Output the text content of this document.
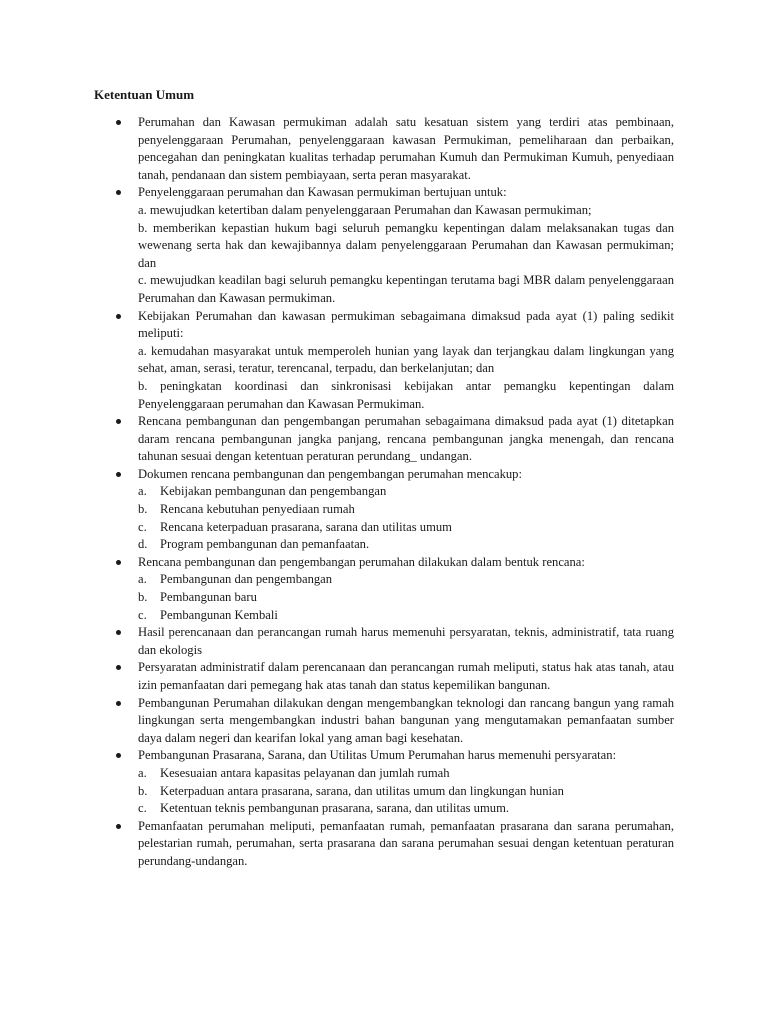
Ketentuan Umum
Perumahan dan Kawasan permukiman adalah satu kesatuan sistem yang terdiri atas pembinaan, penyelenggaraan Perumahan, penyelenggaraan kawasan Permukiman, pemeliharaan dan perbaikan, pencegahan dan peningkatan kualitas terhadap perumahan Kumuh dan Permukiman Kumuh, penyediaan tanah, pendanaan dan sistem pembiayaan, serta peran masyarakat.
Penyelenggaraan perumahan dan Kawasan permukiman bertujuan untuk:
a. mewujudkan ketertiban dalam penyelenggaraan Perumahan dan Kawasan permukiman;
b. memberikan kepastian hukum bagi seluruh pemangku kepentingan dalam melaksanakan tugas dan wewenang serta hak dan kewajibannya dalam penyelenggaraan Perumahan dan Kawasan permukiman; dan
c. mewujudkan keadilan bagi seluruh pemangku kepentingan terutama bagi MBR dalam penyelenggaraan Perumahan dan Kawasan permukiman.
Kebijakan Perumahan dan kawasan permukiman sebagaimana dimaksud pada ayat (1) paling sedikit meliputi:
a. kemudahan masyarakat untuk memperoleh hunian yang layak dan terjangkau dalam lingkungan yang sehat, aman, serasi, teratur, terencanal, terpadu, dan berkelanjutan; dan
b. peningkatan koordinasi dan sinkronisasi kebijakan antar pemangku kepentingan dalam Penyelenggaraan perumahan dan Kawasan Permukiman.
Rencana pembangunan dan pengembangan perumahan sebagaimana dimaksud pada ayat (1) ditetapkan daram rencana pembangunan jangka panjang, rencana pembangunan jangka menengah, dan rencana tahunan sesuai dengan ketentuan peraturan perundang_ undangan.
Dokumen rencana pembangunan dan pengembangan perumahan mencakup:
a. Kebijakan pembangunan dan pengembangan
b. Rencana kebutuhan penyediaan rumah
c. Rencana keterpaduan prasarana, sarana dan utilitas umum
d. Program pembangunan dan pemanfaatan.
Rencana pembangunan dan pengembangan perumahan dilakukan dalam bentuk rencana:
a. Pembangunan dan pengembangan
b. Pembangunan baru
c. Pembangunan Kembali
Hasil perencanaan dan perancangan rumah harus memenuhi persyaratan, teknis, administratif, tata ruang dan ekologis
Persyaratan administratif dalam perencanaan dan perancangan rumah meliputi, status hak atas tanah, atau izin pemanfaatan dari pemegang hak atas tanah dan status kepemilikan bangunan.
Pembangunan Perumahan dilakukan dengan mengembangkan teknologi dan rancang bangun yang ramah lingkungan serta mengembangkan industri bahan bangunan yang mengutamakan pemanfaatan sumber daya dalam negeri dan kearifan lokal yang aman bagi kesehatan.
Pembangunan Prasarana, Sarana, dan Utilitas Umum Perumahan harus memenuhi persyaratan:
a. Kesesuaian antara kapasitas pelayanan dan jumlah rumah
b. Keterpaduan antara prasarana, sarana, dan utilitas umum dan lingkungan hunian
c. Ketentuan teknis pembangunan prasarana, sarana, dan utilitas umum.
Pemanfaatan perumahan meliputi, pemanfaatan rumah, pemanfaatan prasarana dan sarana perumahan, pelestarian rumah, perumahan, serta prasarana dan sarana perumahan sesuai dengan ketentuan peraturan perundang-undangan.
